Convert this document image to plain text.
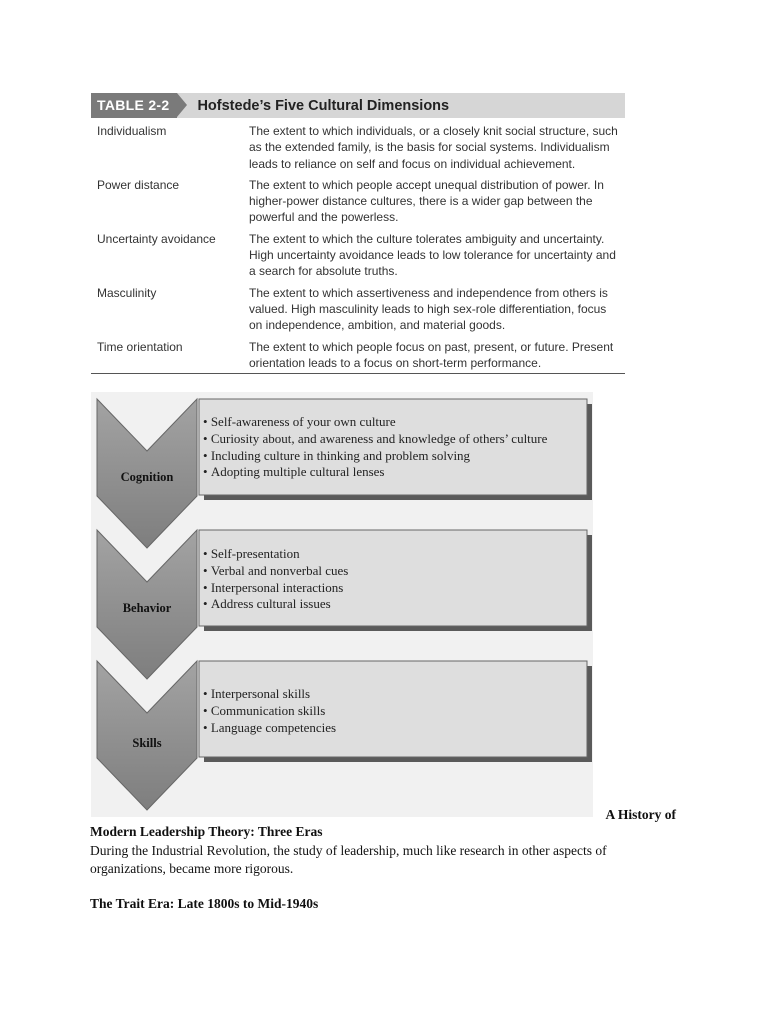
TABLE 2-2	Hofstede’s Five Cultural Dimensions
Individualism	The extent to which individuals, or a closely knit social structure, such as the extended family, is the basis for social systems. Individualism leads to reliance on self and focus on individual achievement.
Power distance	The extent to which people accept unequal distribution of power. In higher-power distance cultures, there is a wider gap between the powerful and the powerless.
Uncertainty avoidance	The extent to which the culture tolerates ambiguity and uncertainty. High uncertainty avoidance leads to low tolerance for uncertainty and a search for absolute truths.
Masculinity	The extent to which assertiveness and independence from others is valued. High masculinity leads to high sex-role differentiation, focus on independence, ambition, and material goods.
Time orientation	The extent to which people focus on past, present, or future. Present orientation leads to a focus on short-term performance.
Cognition
Behavior
Skills
• Self-awareness of your own culture
• Curiosity about, and awareness and knowledge of others’ culture
• Including culture in thinking and problem solving
• Adopting multiple cultural lenses
• Self-presentation
• Verbal and nonverbal cues
• Interpersonal interactions
• Address cultural issues
• Interpersonal skills
• Communication skills
• Language competencies
A History of
Modern Leadership Theory: Three Eras
During the Industrial Revolution, the study of leadership, much like research in other aspects of organizations, became more rigorous.
The Trait Era: Late 1800s to Mid-1940s
